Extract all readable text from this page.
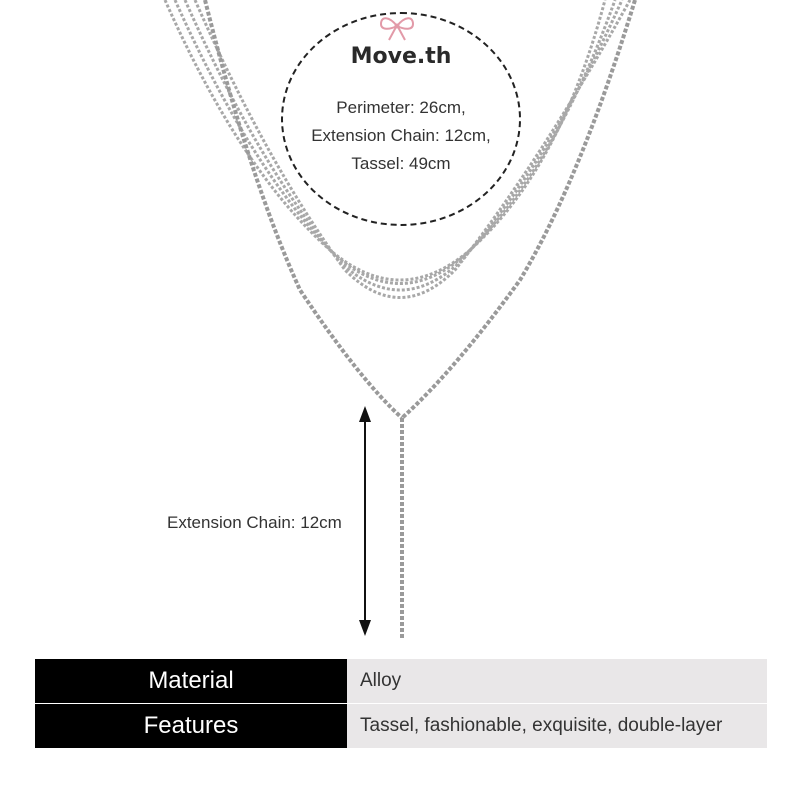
Move.th
Perimeter: 26cm,
Extension Chain: 12cm,
Tassel: 49cm
Extension Chain: 12cm
Material	Alloy
Features	Tassel, fashionable, exquisite, double-layer
